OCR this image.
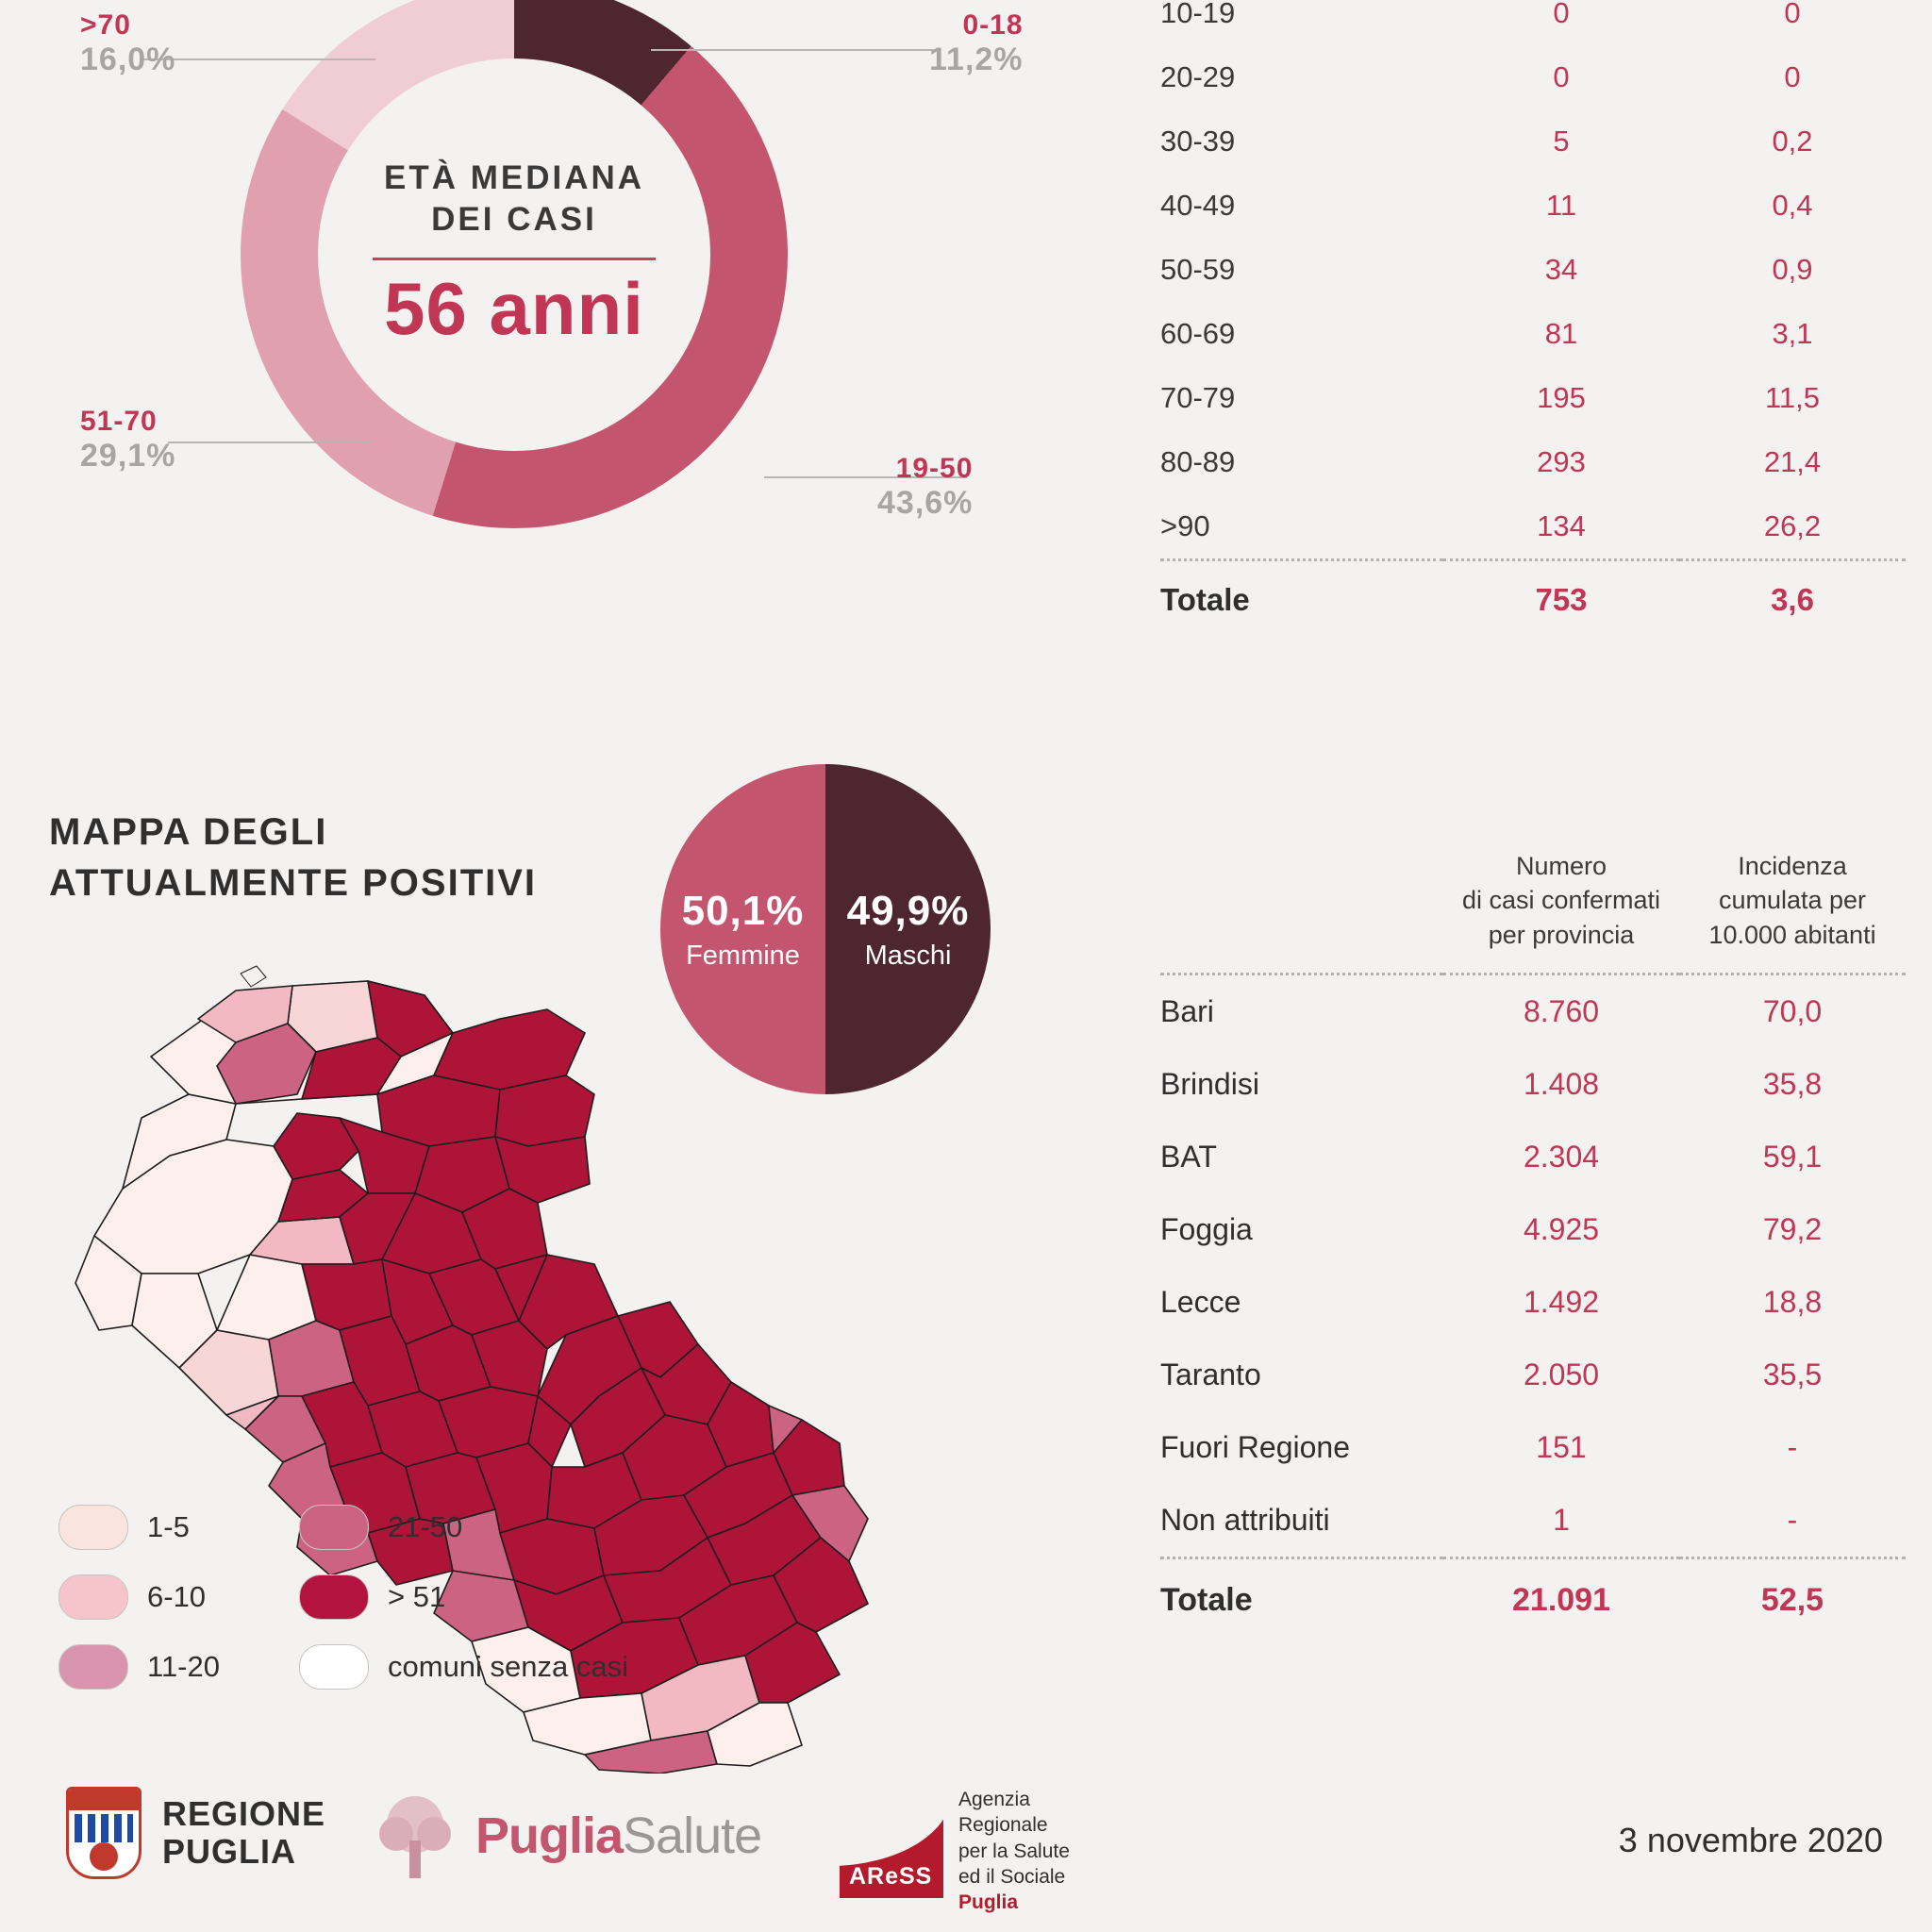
ETÀ MEDIANA
DEI CASI
56 anni
0-18
11,2%
19-50
43,6%
51-70
29,1%
>70
16,0%
10-19	0	0
20-29	0	0
30-39	5	0,2
40-49	11	0,4
50-59	34	0,9
60-69	81	3,1
70-79	195	11,5
80-89	293	21,4
>90	134	26,2

Totale	753	3,6
MAPPA DEGLI
ATTUALMENTE POSITIVI
50,1%
Femmine
49,9%
Maschi
1-5	21-50
6-10	> 51
11-20	comuni senza casi
Numero
di casi confermati
per provincia
Incidenza
cumulata per
10.000 abitanti

Bari	8.760	70,0
Brindisi	1.408	35,8
BAT	2.304	59,1
Foggia	4.925	79,2
Lecce	1.492	18,8
Taranto	2.050	35,5
Fuori Regione	151	-
Non attribuiti	1	-

Totale	21.091	52,5
REGIONE
PUGLIA	PugliaSalute
AReSS
Agenzia
Regionale
per la Salute
ed il Sociale
Puglia
3 novembre 2020
